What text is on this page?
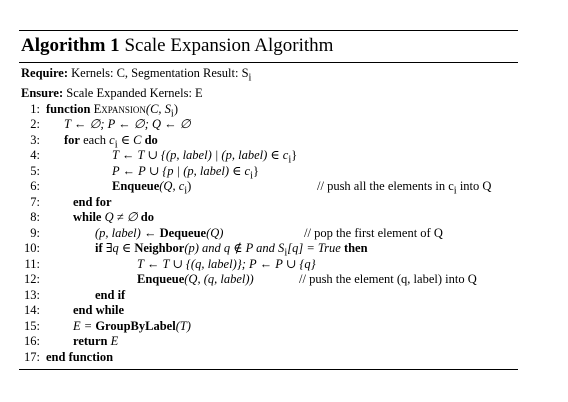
Algorithm 1 Scale Expansion Algorithm
Require: Kernels: C, Segmentation Result: $S_i$
Ensure: Scale Expanded Kernels: E
1: function Expansion(C, $S_i$)
2: T ← ∅; P ← ∅; Q ← ∅
3: for each $c_i$ ∈ C do
4:	T ← T ∪ {(p, label) | (p, label) ∈ $c_i$}
5:	P ← P ∪ {p | (p, label) ∈ $c_i$}
6:	Enqueue(Q, $c_i$)	// push all the elements in $c_i$ into Q
7:	end for
8:	while Q ≠ ∅ do
9:	(p, label) ← Dequeue(Q)	// pop the first element of Q
10:	if ∃q ∈ Neighbor(p) and q ∉ P and $S_i[q]$ = True then
11:	T ← T ∪ {(q, label)}; P ← P ∪ {q}
12:	Enqueue(Q, (q, label))	// push the element (q, label) into Q
13:	end if
14:	end while
15:	E = GroupByLabel(T)
16:	return E
17: end function
